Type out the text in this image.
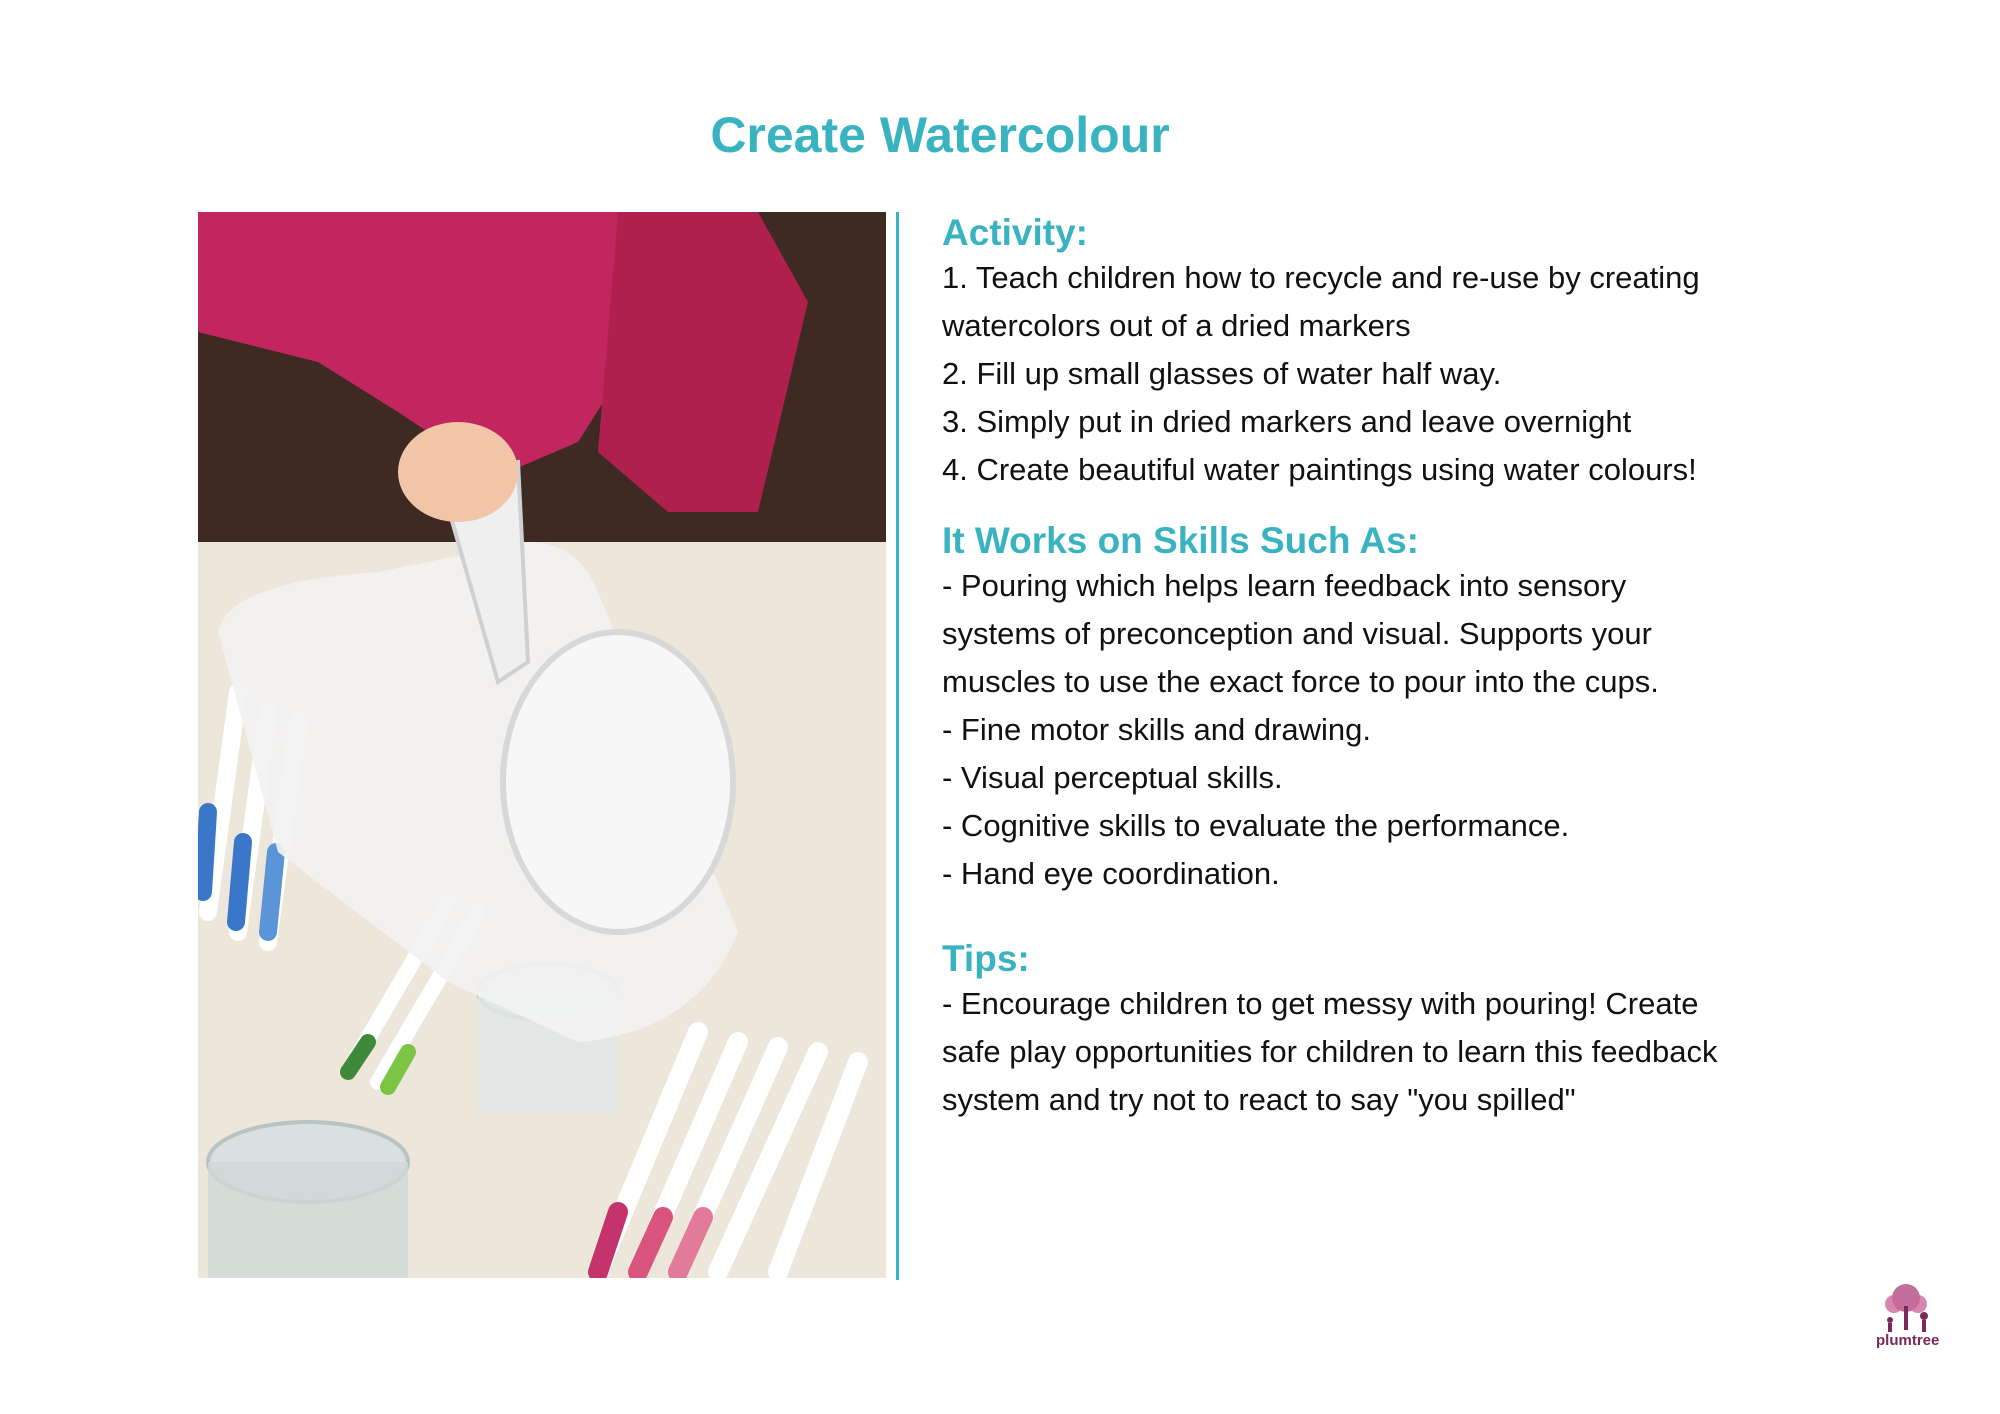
Create Watercolour

Activity:

1. Teach children how to recycle and re-use by creating

watercolors out of a dried markers

2. Fill up small glasses of water half way.

3. Simply put in dried markers and leave overnight

4. Create beautiful water paintings using water colours!

It Works on Skills Such As:

- Pouring which helps learn feedback into sensory

systems of preconception and visual. Supports your

muscles to use the exact force to pour into the cups.

- Fine motor skills and drawing.

- Visual perceptual skills.

- Cognitive skills to evaluate the performance.

- Hand eye coordination.

Tips:

- Encourage children to get messy with pouring! Create

safe play opportunities for children to learn this feedback

system and try not to react to say "you spilled"

plumtree
